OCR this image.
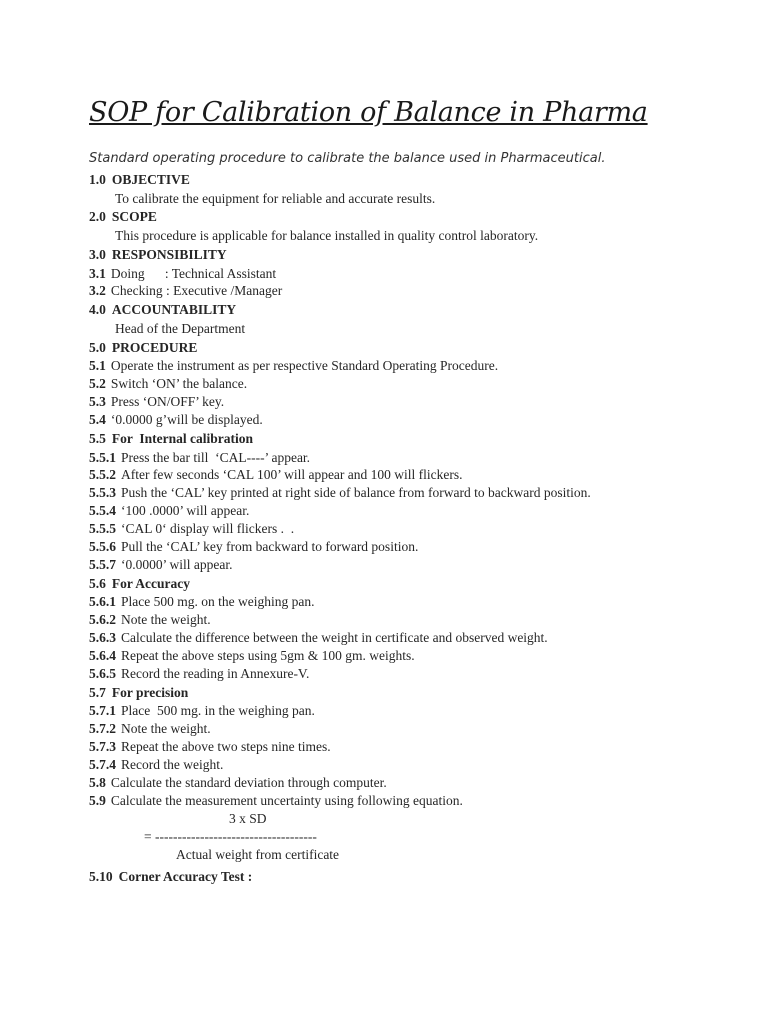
SOP for Calibration of Balance in Pharma
Standard operating procedure to calibrate the balance used in Pharmaceutical.
1.0 OBJECTIVE
To calibrate the equipment for reliable and accurate results.
2.0 SCOPE
This procedure is applicable for balance installed in quality control laboratory.
3.0 RESPONSIBILITY
3.1 Doing      : Technical Assistant
3.2 Checking : Executive /Manager
4.0 ACCOUNTABILITY
Head of the Department
5.0 PROCEDURE
5.1 Operate the instrument as per respective Standard Operating Procedure.
5.2 Switch ‘ON’ the balance.
5.3 Press ‘ON/OFF’ key.
5.4 ‘0.0000 g’will be displayed.
5.5 For  Internal calibration
5.5.1 Press the bar till  ‘CAL----’ appear.
5.5.2 After few seconds ‘CAL 100’ will appear and 100 will flickers.
5.5.3 Push the ‘CAL’ key printed at right side of balance from forward to backward position.
5.5.4 ‘100 .0000’ will appear.
5.5.5 ‘CAL 0‘ display will flickers .  .
5.5.6 Pull the ‘CAL’ key from backward to forward position.
5.5.7 ‘0.0000’ will appear.
5.6 For Accuracy
5.6.1 Place 500 mg. on the weighing pan.
5.6.2 Note the weight.
5.6.3 Calculate the difference between the weight in certificate and observed weight.
5.6.4 Repeat the above steps using 5gm & 100 gm. weights.
5.6.5 Record the reading in Annexure-V.
5.7 For precision
5.7.1 Place  500 mg. in the weighing pan.
5.7.2 Note the weight.
5.7.3 Repeat the above two steps nine times.
5.7.4 Record the weight.
5.8 Calculate the standard deviation through computer.
5.9 Calculate the measurement uncertainty using following equation.
3 x SD
= ------------------------------------
Actual weight from certificate
5.10 Corner Accuracy Test :
